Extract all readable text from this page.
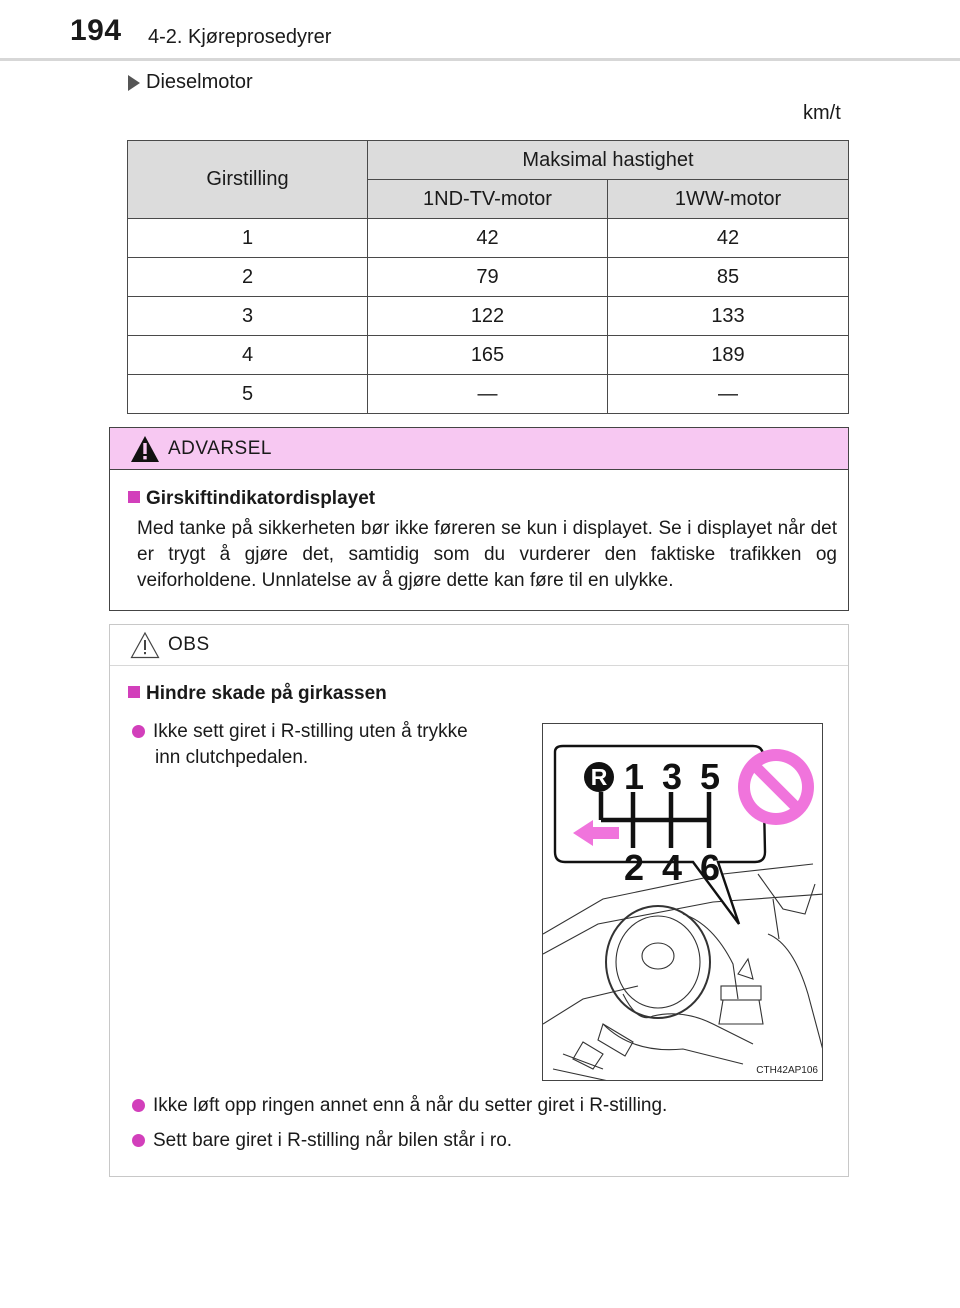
194 4-2. Kjøreprosedyrer
Dieselmotor
km/t
Girstilling	Maksimal hastighet	
	1ND-TV-motor	1WW-motor
1	42	42
2	79	85
3	122	133
4	165	189
5	—	—
ADVARSEL
Girskiftindikatordisplayet
Med tanke på sikkerheten bør ikke føreren se kun i displayet. Se i displayet når det er trygt å gjøre det, samtidig som du vurderer den faktiske trafikken og veiforholdene. Unnlatelse av å gjøre dette kan føre til en ulykke.
OBS
Hindre skade på girkassen
Ikke sett giret i R-stilling uten å trykke
inn clutchpedalen.
Ikke løft opp ringen annet enn å når du setter giret i R-stilling.
Sett bare giret i R-stilling når bilen står i ro.
R 1 3 5
2 4 6
CTH42AP106
